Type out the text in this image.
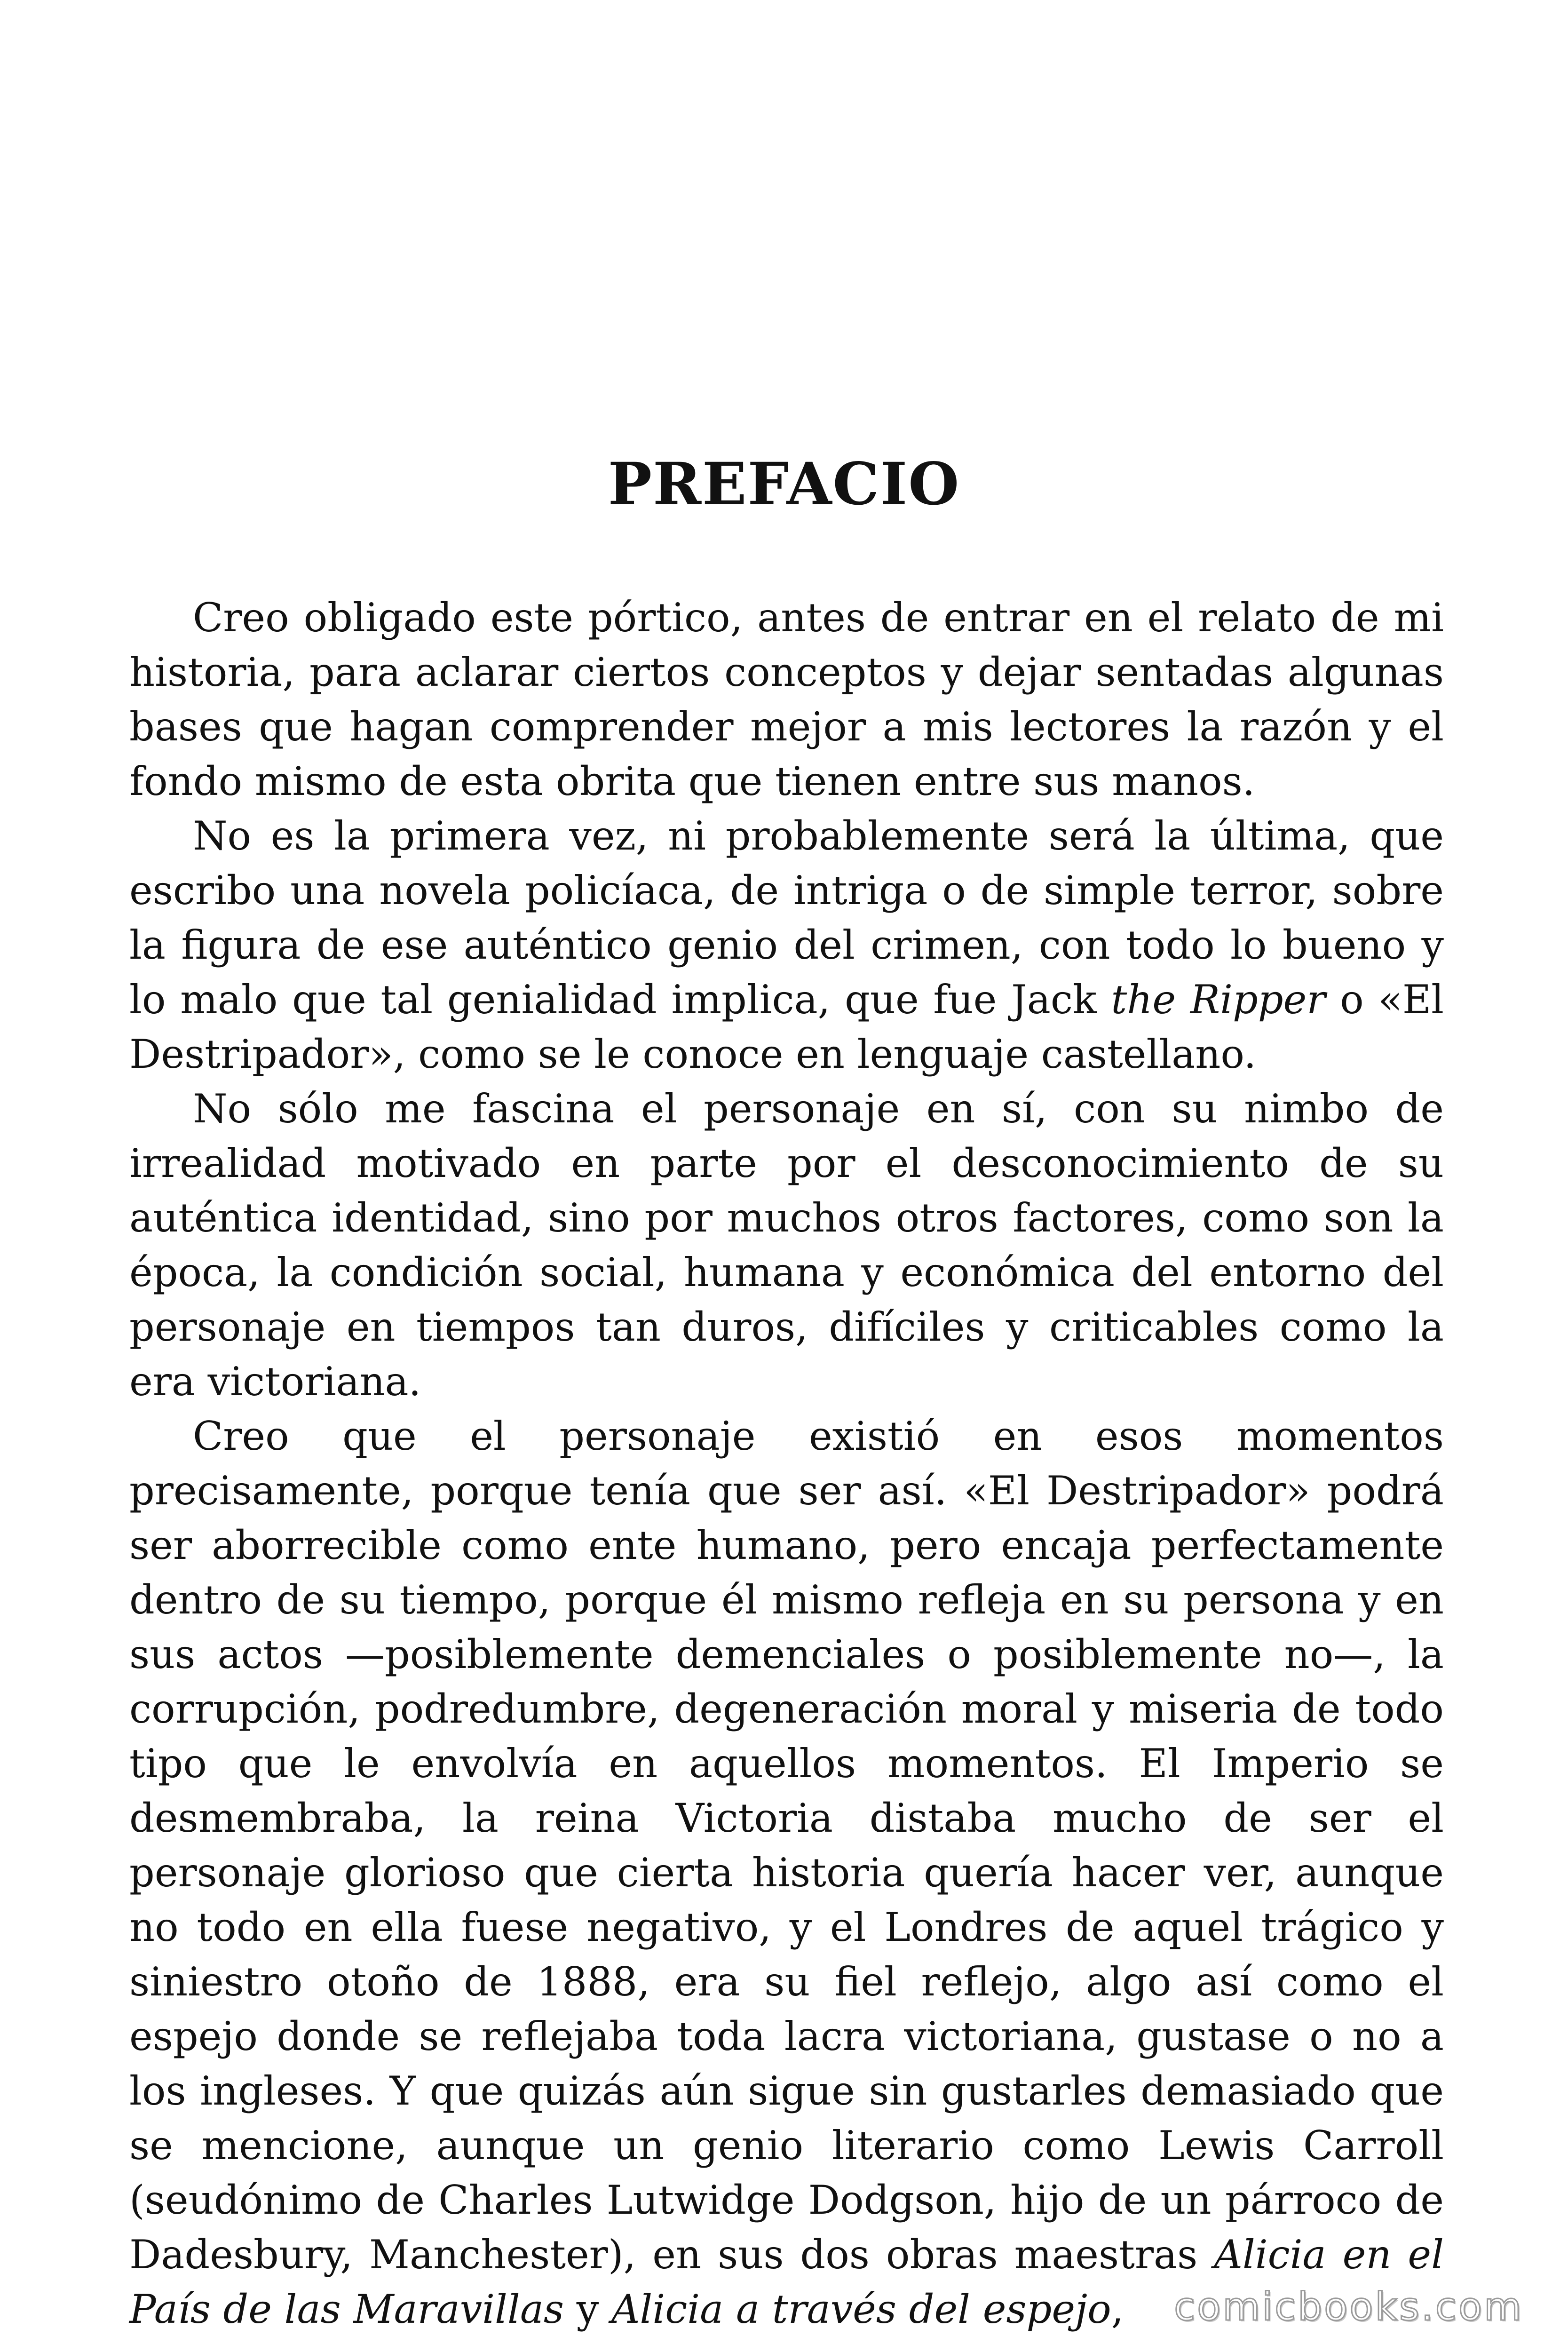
PREFACIO

Creo obligado este pórtico, antes de entrar en el relato de mi historia, para aclarar ciertos conceptos y dejar sentadas algunas bases que hagan comprender mejor a mis lectores la razón y el fondo mismo de esta obrita que tienen entre sus manos.

No es la primera vez, ni probablemente será la última, que escribo una novela policíaca, de intriga o de simple terror, sobre la figura de ese auténtico genio del crimen, con todo lo bueno y lo malo que tal genialidad implica, que fue Jack the Ripper o «El Destripador», como se le conoce en lenguaje castellano.

No sólo me fascina el personaje en sí, con su nimbo de irrealidad motivado en parte por el desconocimiento de su auténtica identidad, sino por muchos otros factores, como son la época, la condición social, humana y económica del entorno del personaje en tiempos tan duros, difíciles y criticables como la era victoriana.

Creo que el personaje existió en esos momentos precisamente, porque tenía que ser así. «El Destripador» podrá ser aborrecible como ente humano, pero encaja perfectamente dentro de su tiempo, porque él mismo refleja en su persona y en sus actos —posiblemente demenciales o posiblemente no—, la corrupción, podredumbre, degeneración moral y miseria de todo tipo que le envolvía en aquellos momentos. El Imperio se desmembraba, la reina Victoria distaba mucho de ser el personaje glorioso que cierta historia quería hacer ver, aunque no todo en ella fuese negativo, y el Londres de aquel trágico y siniestro otoño de 1888, era su fiel reflejo, algo así como el espejo donde se reflejaba toda lacra victoriana, gustase o no a los ingleses. Y que quizás aún sigue sin gustarles demasiado que se mencione, aunque un genio literario como Lewis Carroll (seudónimo de Charles Lutwidge Dodgson, hijo de un párroco de Dadesbury, Manchester), en sus dos obras maestras Alicia en el País de las Maravillas y Alicia a través del espejo,	comicbooks.com
